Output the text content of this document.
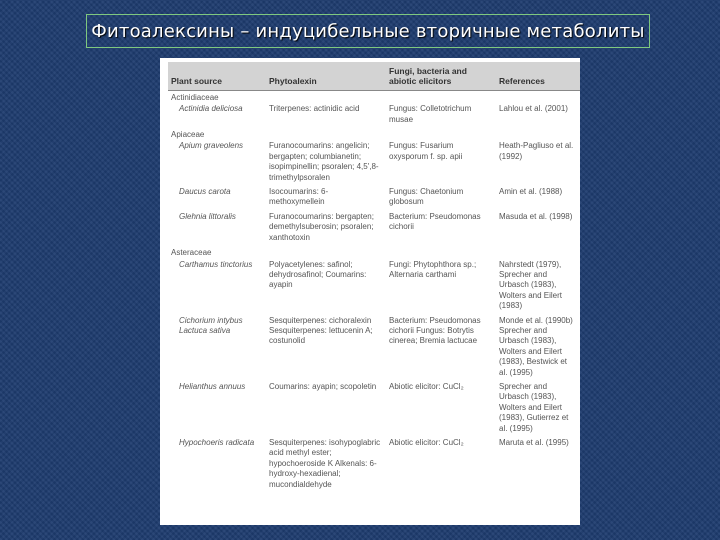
Фитоалексины – индуцибельные вторичные метаболиты
Plant source	Phytoalexin	Fungi, bacteria and abiotic elicitors	References
Actinidiaceae			
Actinidia deliciosa	Triterpenes: actinidic acid	Fungus: Colletotrichum musae	Lahlou et al. (2001)
Apiaceae			
Apium graveolens	Furanocoumarins: angelicin; bergapten; columbianetin; isopimpinellin; psoralen; 4,5',8-trimethylpsoralen	Fungus: Fusarium oxysporum f. sp. apii	Heath-Pagliuso et al. (1992)
Daucus carota	Isocoumarins: 6-methoxymellein	Fungus: Chaetonium globosum	Amin et al. (1988)
Glehnia littoralis	Furanocoumarins: bergapten; demethylsuberosin; psoralen; xanthotoxin	Bacterium: Pseudomonas cichorii	Masuda et al. (1998)
Asteraceae			
Carthamus tinctorius	Polyacetylenes: safinol; dehydrosafinol; Coumarins: ayapin	Fungi: Phytophthora sp.; Alternaria carthami	Nahrstedt (1979), Sprecher and Urbasch (1983), Wolters and Eilert (1983)
Cichorium intybus Lactuca sativa	Sesquiterpenes: cichoralexin Sesquiterpenes: lettucenin A; costunolid	Bacterium: Pseudomonas cichorii Fungus: Botrytis cinerea; Bremia lactucae	Monde et al. (1990b) Sprecher and Urbasch (1983), Wolters and Eilert (1983), Bestwick et al. (1995)
Helianthus annuus	Coumarins: ayapin; scopoletin	Abiotic elicitor: CuCl₂	Sprecher and Urbasch (1983), Wolters and Eilert (1983), Gutierrez et al. (1995)
Hypochoeris radicata	Sesquiterpenes: isohypoglabric acid methyl ester; hypochoeroside K Alkenals: 6-hydroxy-hexadienal; mucondialdehyde	Abiotic elicitor: CuCl₂	Maruta et al. (1995)
